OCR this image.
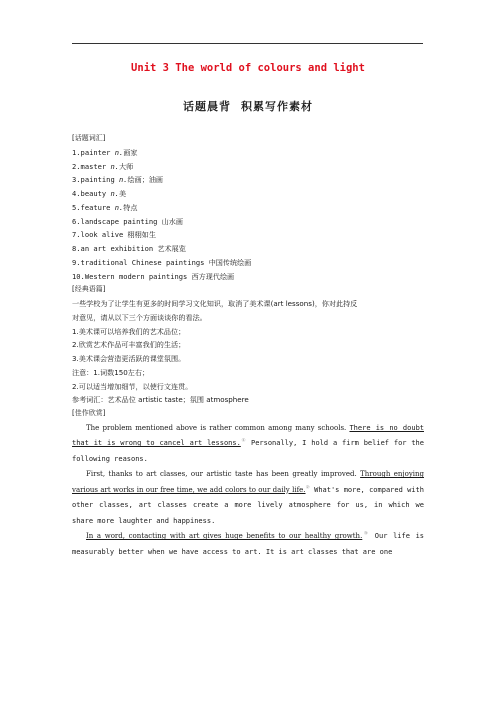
Unit 3 The world of colours and light
话题晨背 积累写作素材
[话题词汇]
1.painter n.画家
2.master n.大师
3.painting n.绘画；油画
4.beauty n.美
5.feature n.特点
6.landscape painting 山水画
7.look alive 栩栩如生
8.an art exhibition 艺术展览
9.traditional Chinese paintings 中国传统绘画
10.Western modern paintings 西方现代绘画
[经典语篇]
一些学校为了让学生有更多的时间学习文化知识，取消了美术课(art lessons)，你对此持反
对意见，请从以下三个方面谈谈你的看法。
1.美术课可以培养我们的艺术品位；
2.欣赏艺术作品可丰富我们的生活；
3.美术课会营造更活跃的课堂氛围。
注意：1.词数150左右；
2.可以适当增加细节，以使行文连贯。
参考词汇：艺术品位 artistic taste；氛围 atmosphere
[佳作欣赏]

The problem mentioned above is rather common among many schools. There is no doubt that it is wrong to cancel art lessons.① Personally, I hold a firm belief for the following reasons.

First, thanks to art classes, our artistic taste has been greatly improved. Through enjoying various art works in our free time, we add colors to our daily life.② What's more, compared with other classes, art classes create a more lively atmosphere for us, in which we share more laughter and happiness.

In a word, contacting with art gives huge benefits to our healthy growth.③ Our life is measurably better when we have access to art. It is art classes that are one
